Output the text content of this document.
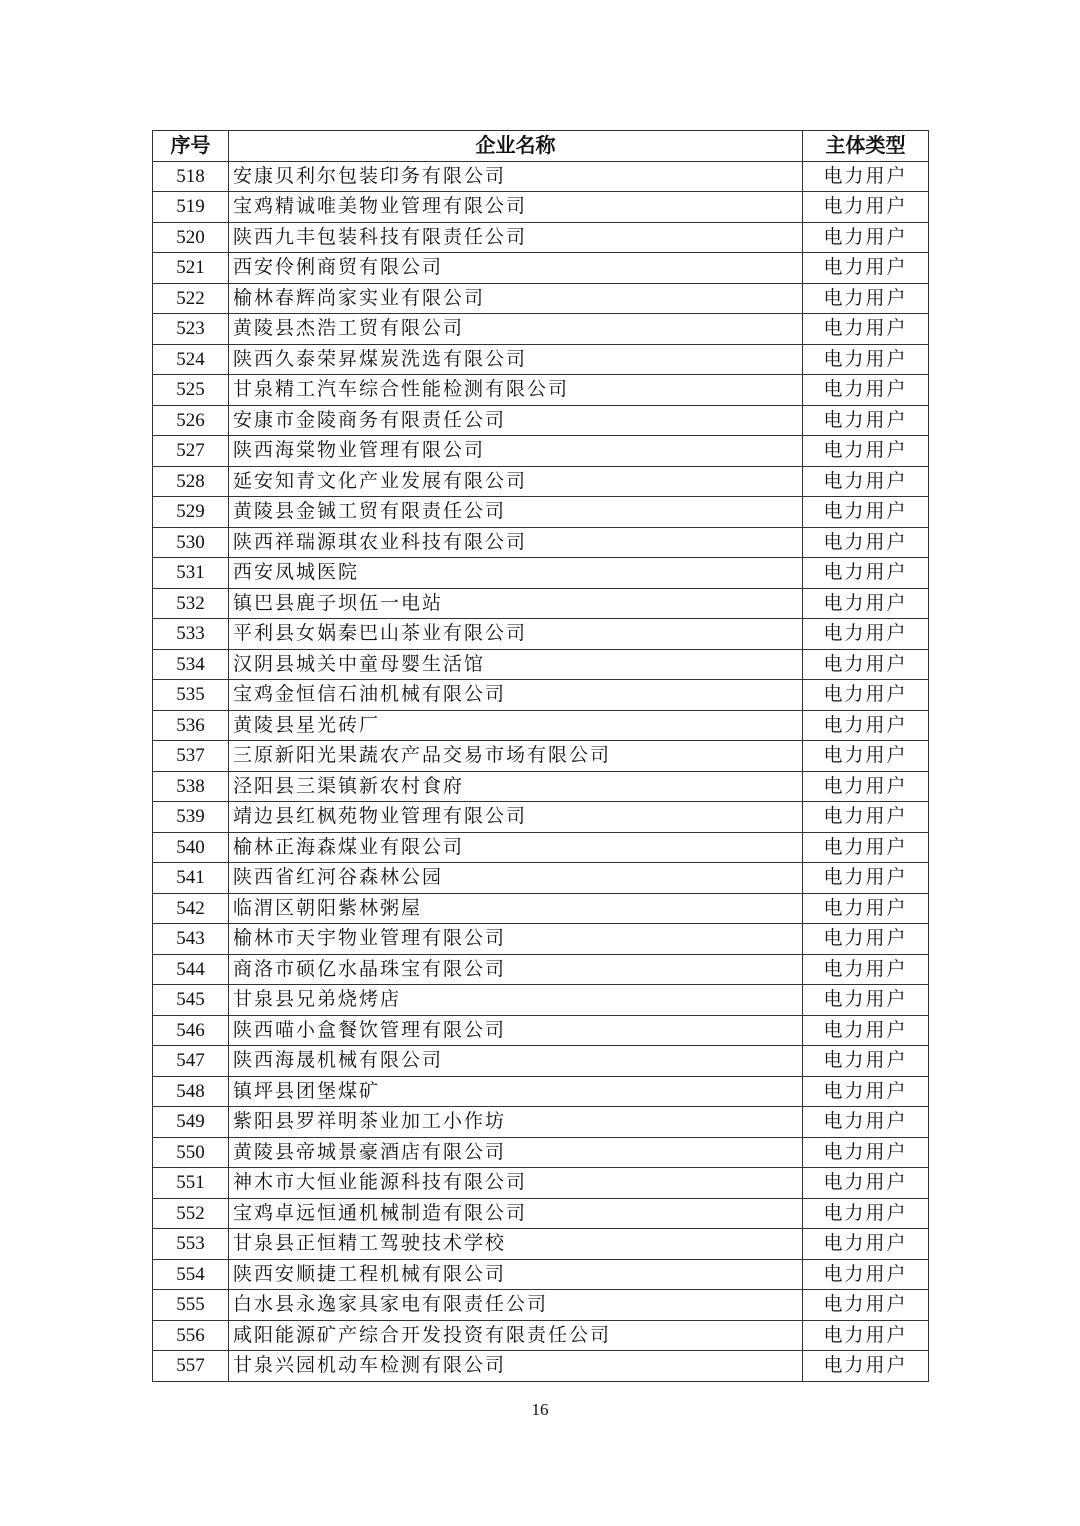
序号	企业名称	主体类型
518	安康贝利尔包装印务有限公司	电力用户
519	宝鸡精诚唯美物业管理有限公司	电力用户
520	陕西九丰包装科技有限责任公司	电力用户
521	西安伶俐商贸有限公司	电力用户
522	榆林春辉尚家实业有限公司	电力用户
523	黄陵县杰浩工贸有限公司	电力用户
524	陕西久泰荣昇煤炭洗选有限公司	电力用户
525	甘泉精工汽车综合性能检测有限公司	电力用户
526	安康市金陵商务有限责任公司	电力用户
527	陕西海棠物业管理有限公司	电力用户
528	延安知青文化产业发展有限公司	电力用户
529	黄陵县金铖工贸有限责任公司	电力用户
530	陕西祥瑞源琪农业科技有限公司	电力用户
531	西安凤城医院	电力用户
532	镇巴县鹿子坝伍一电站	电力用户
533	平利县女娲秦巴山茶业有限公司	电力用户
534	汉阴县城关中童母婴生活馆	电力用户
535	宝鸡金恒信石油机械有限公司	电力用户
536	黄陵县星光砖厂	电力用户
537	三原新阳光果蔬农产品交易市场有限公司	电力用户
538	泾阳县三渠镇新农村食府	电力用户
539	靖边县红枫苑物业管理有限公司	电力用户
540	榆林正海森煤业有限公司	电力用户
541	陕西省红河谷森林公园	电力用户
542	临渭区朝阳紫林粥屋	电力用户
543	榆林市天宇物业管理有限公司	电力用户
544	商洛市硕亿水晶珠宝有限公司	电力用户
545	甘泉县兄弟烧烤店	电力用户
546	陕西喵小盒餐饮管理有限公司	电力用户
547	陕西海晟机械有限公司	电力用户
548	镇坪县团堡煤矿	电力用户
549	紫阳县罗祥明茶业加工小作坊	电力用户
550	黄陵县帝城景豪酒店有限公司	电力用户
551	神木市大恒业能源科技有限公司	电力用户
552	宝鸡卓远恒通机械制造有限公司	电力用户
553	甘泉县正恒精工驾驶技术学校	电力用户
554	陕西安顺捷工程机械有限公司	电力用户
555	白水县永逸家具家电有限责任公司	电力用户
556	咸阳能源矿产综合开发投资有限责任公司	电力用户
557	甘泉兴园机动车检测有限公司	电力用户
16
